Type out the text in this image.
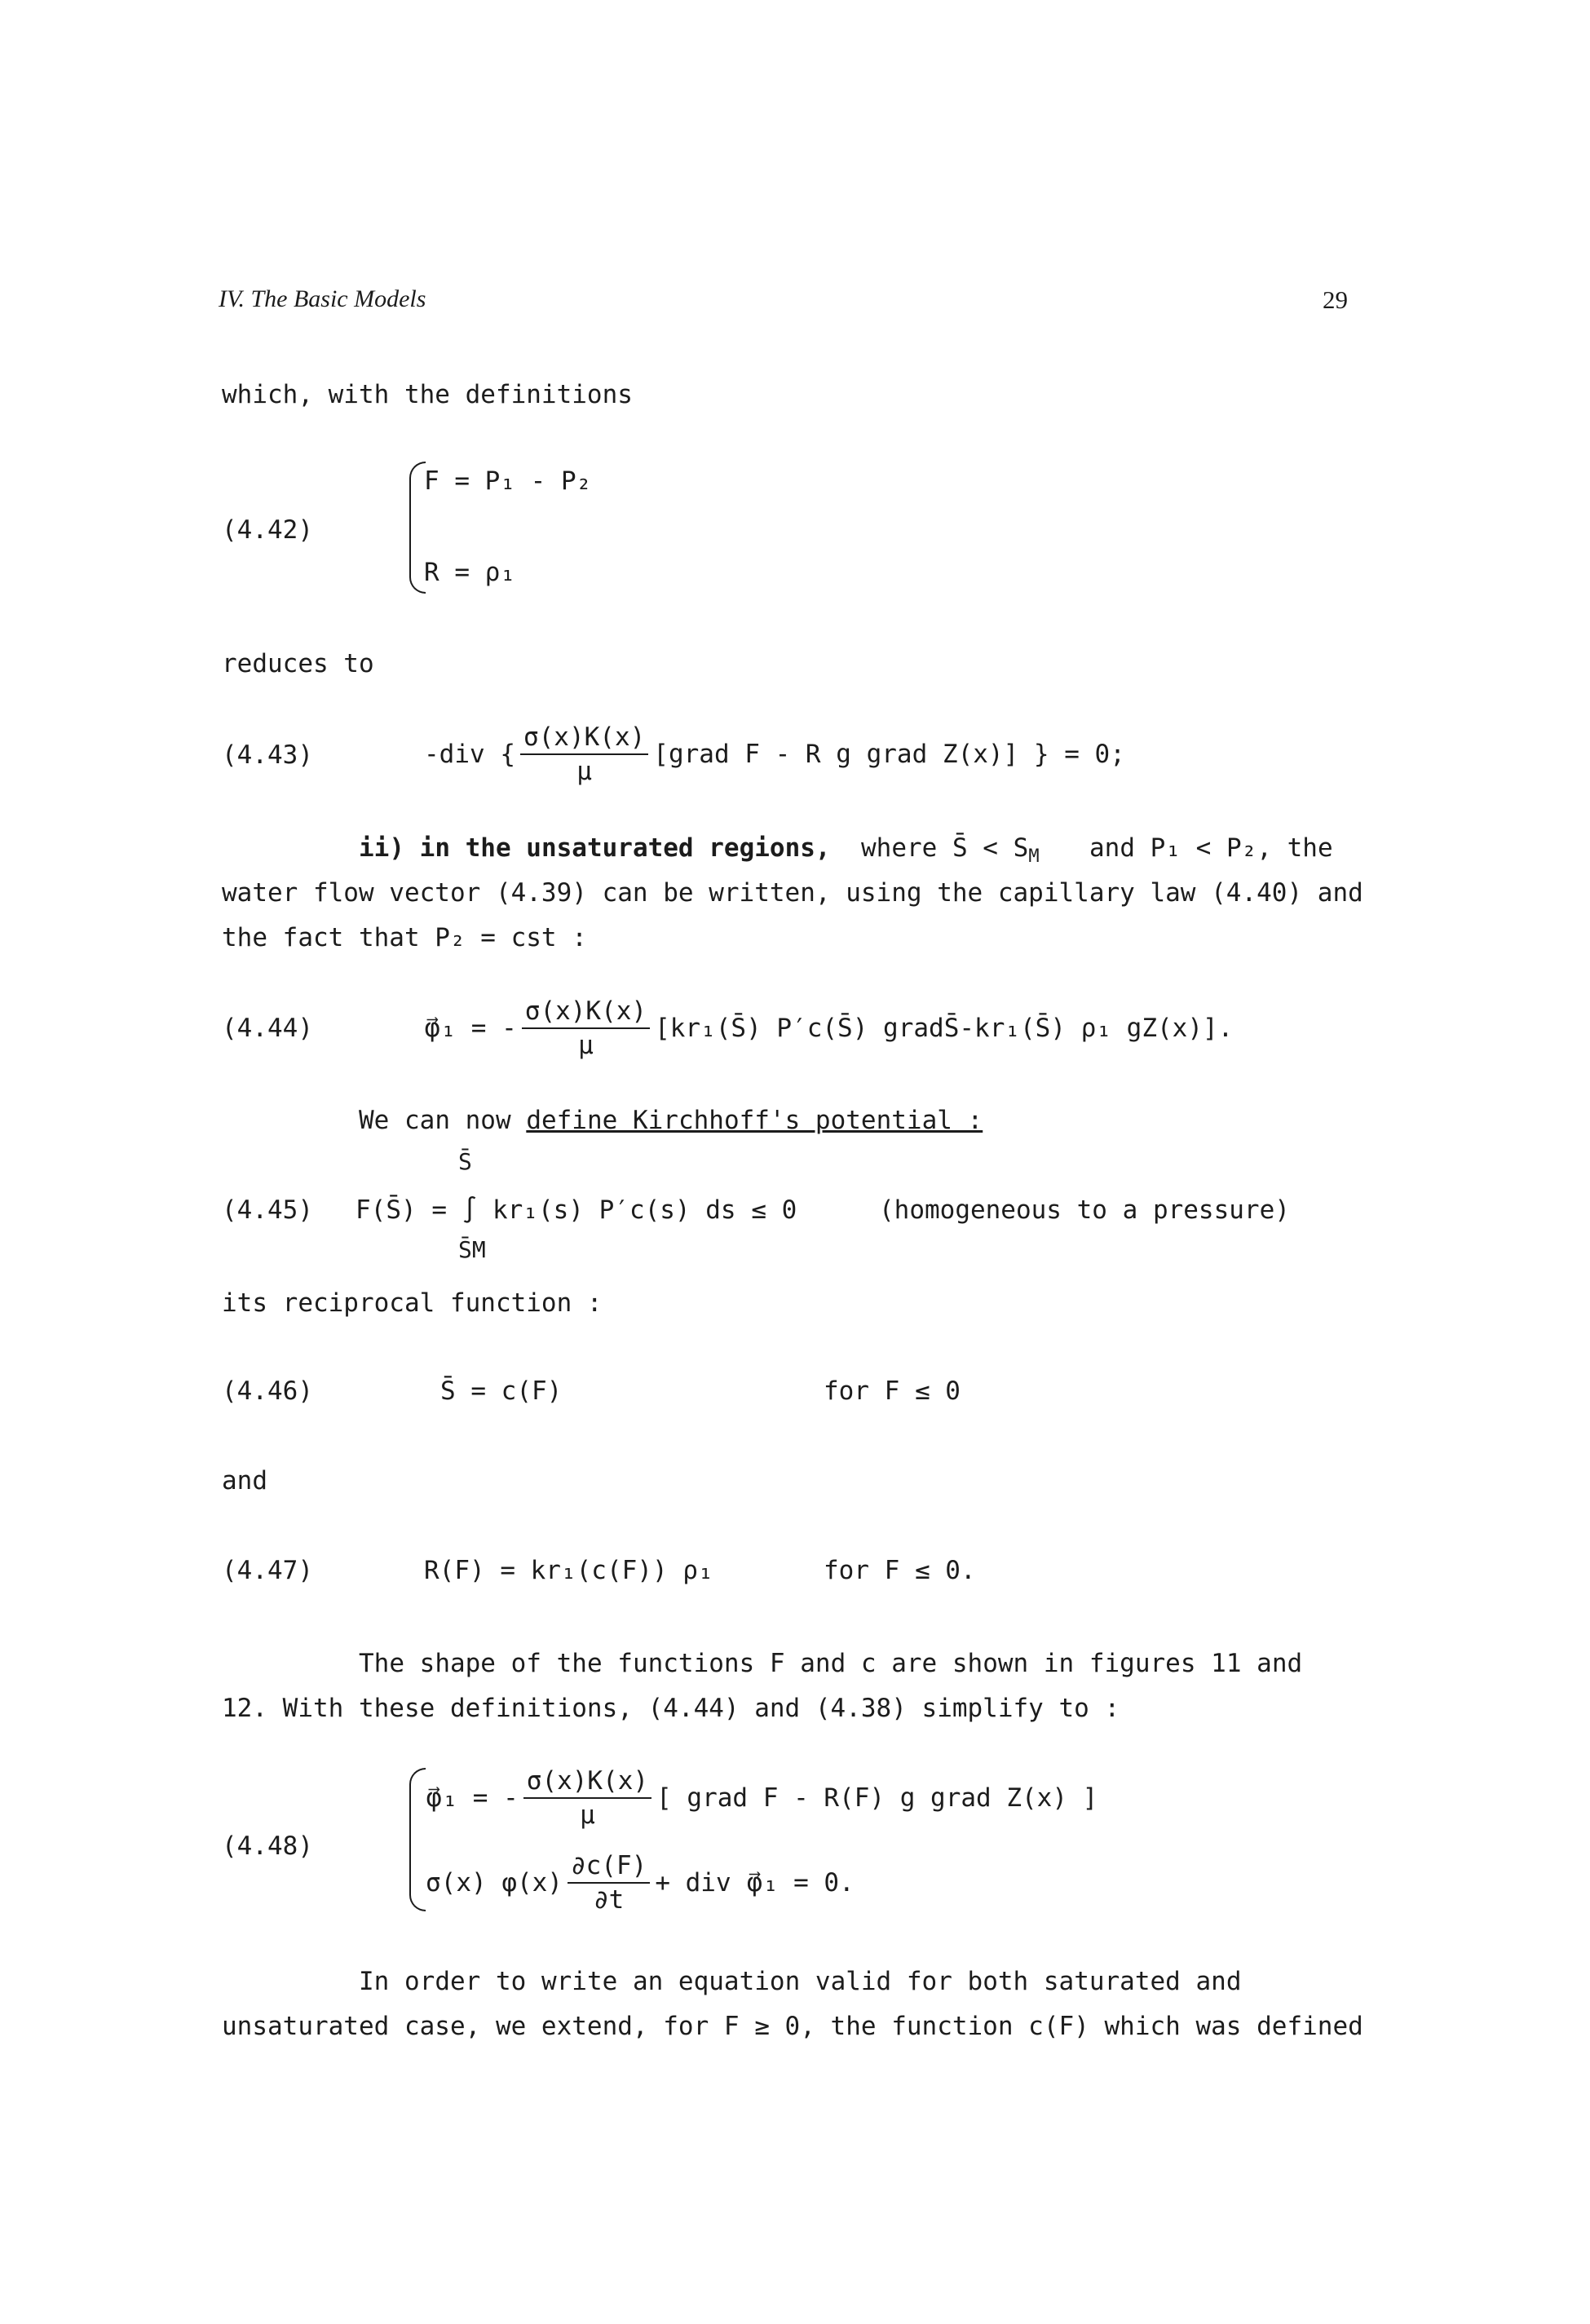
IV. The Basic Models	29
which, with the definitions
(4.42)
F = P₁ - P₂
R = ρ₁
reduces to
(4.43)	-div { $\frac{\sigma(x)K(x)}{\mu}$ [grad F - R g grad Z(x)] } = 0;
ii) in the unsaturated regions, where S̄ < $S_M$ and P₁ < P₂, the
water flow vector (4.39) can be written, using the capillary law (4.40) and
the fact that P₂ = cst :
(4.44)	φ⃗₁ = - $\frac{\sigma(x)K(x)}{\mu}$ [kr₁(S̄) P′c(S̄) gradS̄-kr₁(S̄) ρ₁ gZ(x)].
We can now define Kirchhoff's potential :
(4.45)
S̄
F(S̄) = ∫ kr₁(s) P′c(s) ds ≤ 0	(homogeneous to a pressure)
S̄M
its reciprocal function :
(4.46)	S̄ = c(F)	for F ≤ 0
and
(4.47)	R(F) = kr₁(c(F)) ρ₁	for F ≤ 0.
The shape of the functions F and c are shown in figures 11 and
12. With these definitions, (4.44) and (4.38) simplify to :
(4.48)
φ⃗₁ = - $\frac{\sigma(x)K(x)}{\mu}$ [ grad F - R(F) g grad Z(x) ]
σ(x) $\varphi(x) \frac{\partial c(F)}{\partial t}$ + div φ⃗₁ = 0.
In order to write an equation valid for both saturated and
unsaturated case, we extend, for F ≥ 0, the function c(F) which was defined
